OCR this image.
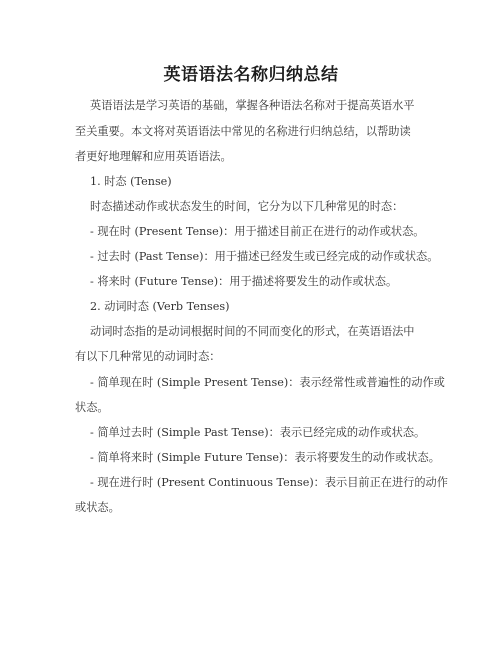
英语语法名称归纳总结
英语语法是学习英语的基础，掌握各种语法名称对于提高英语水平
至关重要。本文将对英语语法中常见的名称进行归纳总结，以帮助读
者更好地理解和应用英语语法。
1. 时态 (Tense)
时态描述动作或状态发生的时间，它分为以下几种常见的时态：
- 现在时 (Present Tense)：用于描述目前正在进行的动作或状态。
- 过去时 (Past Tense)：用于描述已经发生或已经完成的动作或状态。
- 将来时 (Future Tense)：用于描述将要发生的动作或状态。
2. 动词时态 (Verb Tenses)
动词时态指的是动词根据时间的不同而变化的形式，在英语语法中
有以下几种常见的动词时态：
- 简单现在时 (Simple Present Tense)：表示经常性或普遍性的动作或
状态。
- 简单过去时 (Simple Past Tense)：表示已经完成的动作或状态。
- 简单将来时 (Simple Future Tense)：表示将要发生的动作或状态。
- 现在进行时 (Present Continuous Tense)：表示目前正在进行的动作
或状态。
